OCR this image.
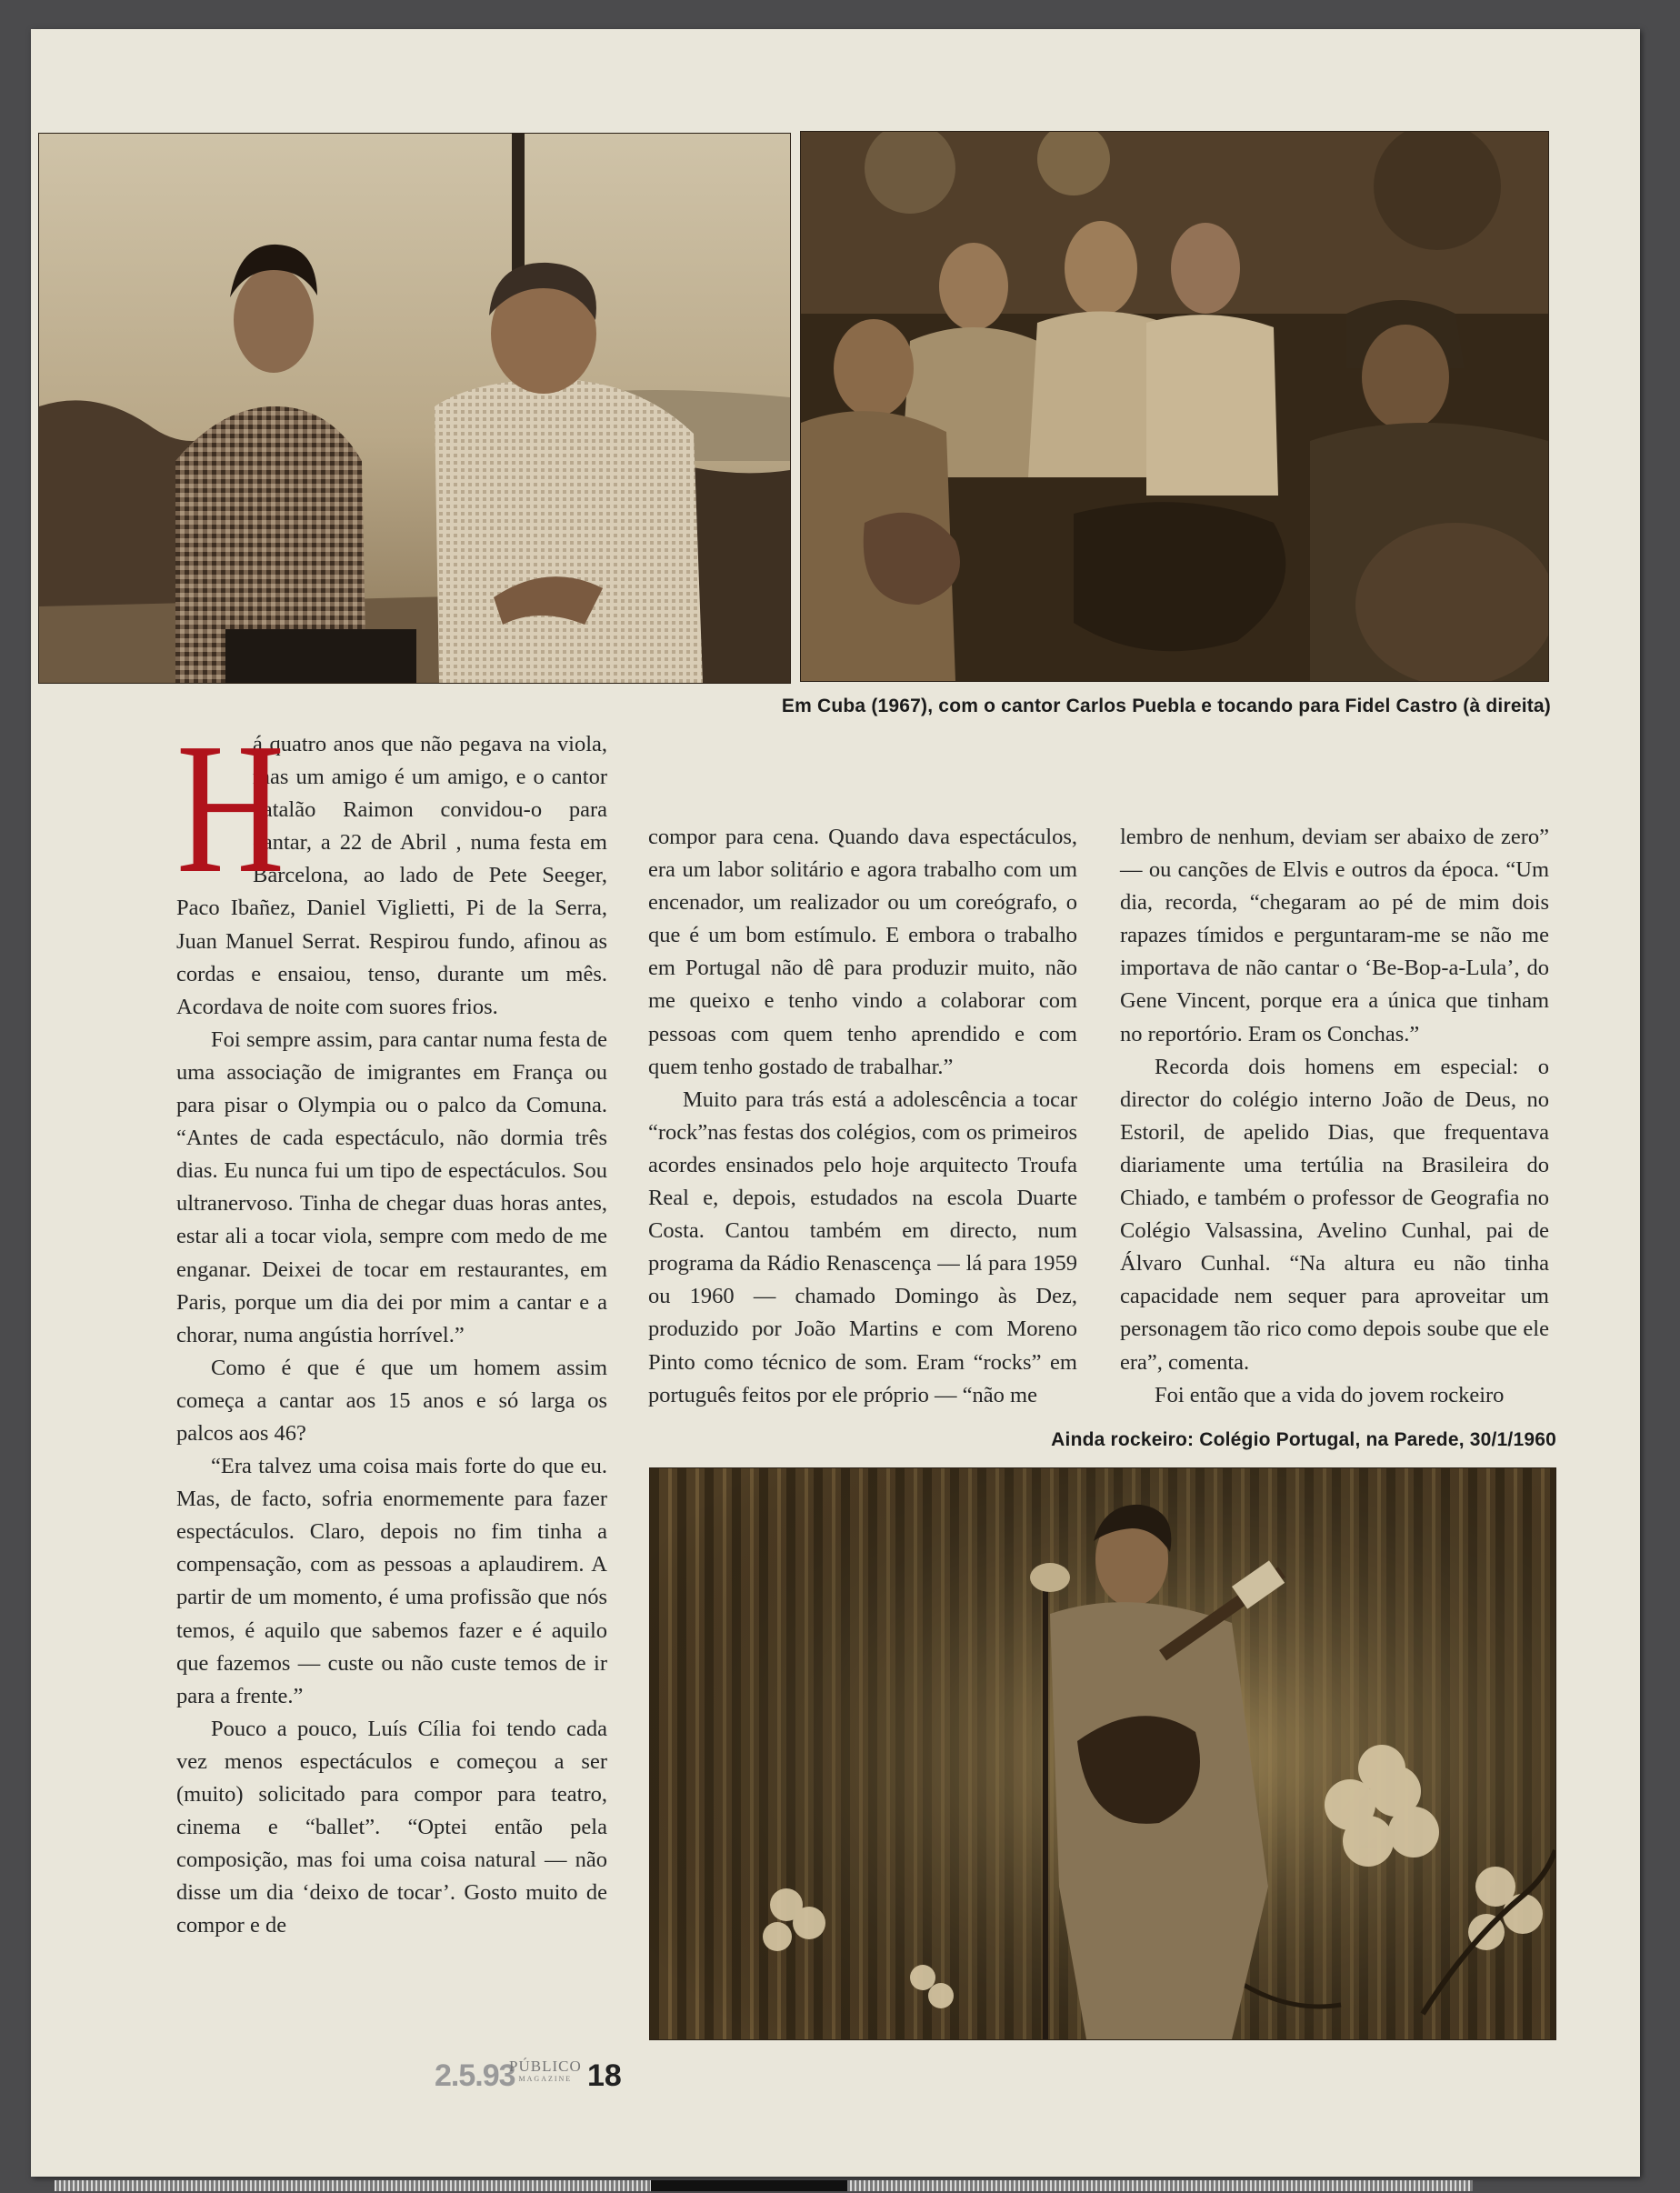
Em Cuba (1967), com o cantor Carlos Puebla e tocando para Fidel Castro (à direita)

H
á quatro anos que não pegava na viola, mas um amigo é um amigo, e o cantor catalão Raimon convidou-o para cantar, a 22 de Abril , numa festa em Barcelona, ao lado de Pete Seeger, Paco Ibañez, Daniel Viglietti, Pi de la Serra, Juan Manuel Serrat. Respirou fundo, afinou as cordas e ensaiou, tenso, durante um mês. Acordava de noite com suores frios.

Foi sempre assim, para cantar numa festa de uma associação de imigrantes em França ou para pisar o Olympia ou o palco da Comuna. “Antes de cada espectáculo, não dormia três dias. Eu nunca fui um tipo de espectáculos. Sou ultranervoso. Tinha de chegar duas horas antes, estar ali a tocar viola, sempre com medo de me enganar. Deixei de tocar em restaurantes, em Paris, porque um dia dei por mim a cantar e a chorar, numa angústia horrível.”

Como é que é que um homem assim começa a cantar aos 15 anos e só larga os palcos aos 46?

“Era talvez uma coisa mais forte do que eu. Mas, de facto, sofria enormemente para fazer espectáculos. Claro, depois no fim tinha a compensação, com as pessoas a aplaudirem. A partir de um momento, é uma profissão que nós temos, é aquilo que sabemos fazer e é aquilo que fazemos — custe ou não custe temos de ir para a frente.”

Pouco a pouco, Luís Cília foi tendo cada vez menos espectáculos e começou a ser (muito) solicitado para compor para teatro, cinema e “ballet”. “Optei então pela composição, mas foi uma coisa natural — não disse um dia ‘deixo de tocar’. Gosto muito de compor e de

compor para cena. Quando dava espectáculos, era um labor solitário e agora trabalho com um encenador, um realizador ou um coreógrafo, o que é um bom estímulo. E embora o trabalho em Portugal não dê para produzir muito, não me queixo e tenho vindo a colaborar com pessoas com quem tenho aprendido e com quem tenho gostado de trabalhar.”

Muito para trás está a adolescência a tocar “rock”nas festas dos colégios, com os primeiros acordes ensinados pelo hoje arquitecto Troufa Real e, depois, estudados na escola Duarte Costa. Cantou também em directo, num programa da Rádio Renascença — lá para 1959 ou 1960 — chamado Domingo às Dez, produzido por João Martins e com Moreno Pinto como técnico de som. Eram “rocks” em português feitos por ele próprio — “não me

lembro de nenhum, deviam ser abaixo de zero” — ou canções de Elvis e outros da época. “Um dia, recorda, “chegaram ao pé de mim dois rapazes tímidos e perguntaram-me se não me importava de não cantar o ‘Be-Bop-a-Lula’, do Gene Vincent, porque era a única que tinham no reportório. Eram os Conchas.”

Recorda dois homens em especial: o director do colégio interno João de Deus, no Estoril, de apelido Dias, que frequentava diariamente uma tertúlia na Brasileira do Chiado, e também o professor de Geografia no Colégio Valsassina, Avelino Cunhal, pai de Álvaro Cunhal. “Na altura eu não tinha capacidade nem sequer para aproveitar um personagem tão rico como depois soube que ele era”, comenta.

Foi então que a vida do jovem rockeiro

Ainda rockeiro: Colégio Portugal, na Parede, 30/1/1960
2.5.93
PÚBLICO
MAGAZINE 18
